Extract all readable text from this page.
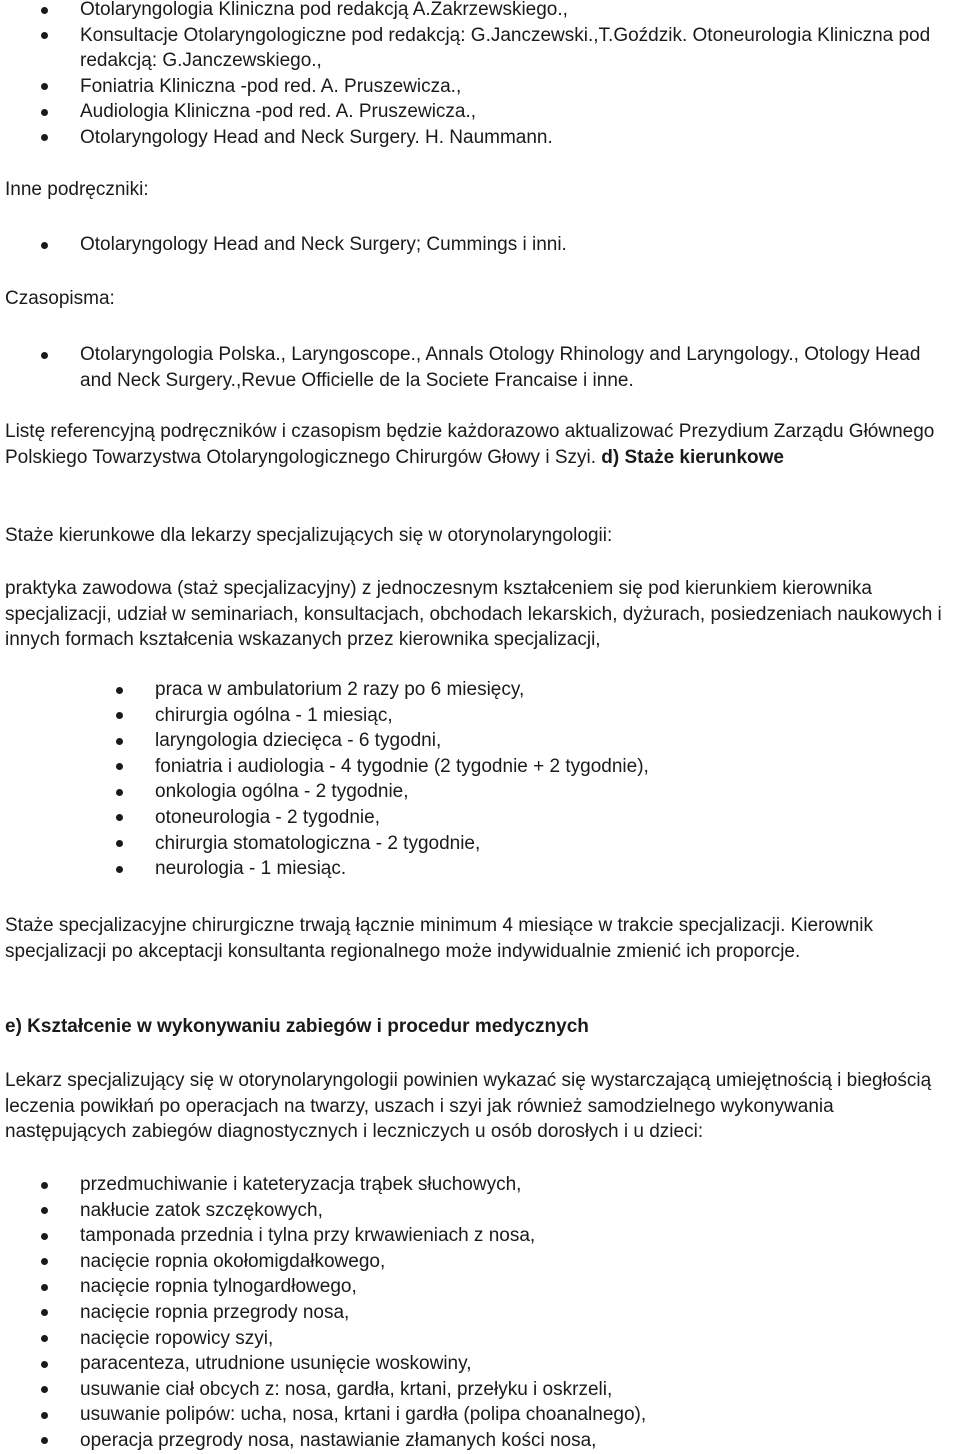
Otolaryngologia Kliniczna pod redakcją A.Zakrzewskiego.,
Konsultacje Otolaryngologiczne pod redakcją: G.Janczewski.,T.Goździk. Otoneurologia Kliniczna pod redakcją: G.Janczewskiego.,
Foniatria Kliniczna -pod red. A. Pruszewicza.,
Audiologia Kliniczna -pod red. A. Pruszewicza.,
Otolaryngology Head and Neck Surgery. H. Naummann.

Inne podręczniki:

Otolaryngology Head and Neck Surgery; Cummings i inni.

Czasopisma:

Otolaryngologia Polska., Laryngoscope., Annals Otology Rhinology and Laryngology., Otology Head and Neck Surgery.,Revue Officielle de la Societe Francaise i inne.

Listę referencyjną podręczników i czasopism będzie każdorazowo aktualizować Prezydium Zarządu Głównego Polskiego Towarzystwa Otolaryngologicznego Chirurgów Głowy i Szyi. d) Staże kierunkowe

Staże kierunkowe dla lekarzy specjalizujących się w otorynolaryngologii:

praktyka zawodowa (staż specjalizacyjny) z jednoczesnym kształceniem się pod kierunkiem kierownika specjalizacji, udział w seminariach, konsultacjach, obchodach lekarskich, dyżurach, posiedzeniach naukowych i innych formach kształcenia wskazanych przez kierownika specjalizacji,

praca w ambulatorium 2 razy po 6 miesięcy,
chirurgia ogólna - 1 miesiąc,
laryngologia dziecięca - 6 tygodni,
foniatria i audiologia - 4 tygodnie (2 tygodnie + 2 tygodnie),
onkologia ogólna - 2 tygodnie,
otoneurologia - 2 tygodnie,
chirurgia stomatologiczna - 2 tygodnie,
neurologia - 1 miesiąc.

Staże specjalizacyjne chirurgiczne trwają łącznie minimum 4 miesiące w trakcie specjalizacji. Kierownik specjalizacji po akceptacji konsultanta regionalnego może indywidualnie zmienić ich proporcje.

e) Kształcenie w wykonywaniu zabiegów i procedur medycznych

Lekarz specjalizujący się w otorynolaryngologii powinien wykazać się wystarczającą umiejętnością i biegłością leczenia powikłań po operacjach na twarzy, uszach i szyi jak również samodzielnego wykonywania następujących zabiegów diagnostycznych i leczniczych u osób dorosłych i u dzieci:

przedmuchiwanie i kateteryzacja trąbek słuchowych,
nakłucie zatok szczękowych,
tamponada przednia i tylna przy krwawieniach z nosa,
nacięcie ropnia okołomigdałkowego,
nacięcie ropnia tylnogardłowego,
nacięcie ropnia przegrody nosa,
nacięcie ropowicy szyi,
paracenteza, utrudnione usunięcie woskowiny,
usuwanie ciał obcych z: nosa, gardła, krtani, przełyku i oskrzeli,
usuwanie polipów: ucha, nosa, krtani i gardła (polipa choanalnego),
operacja przegrody nosa, nastawianie złamanych kości nosa,
